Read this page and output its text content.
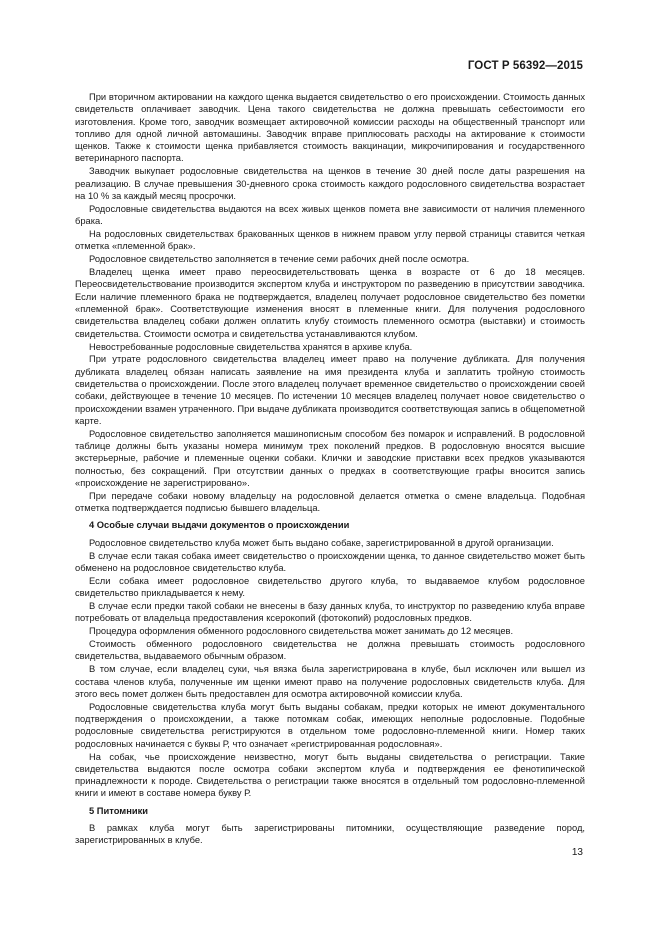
ГОСТ Р 56392—2015

При вторичном актировании на каждого щенка выдается свидетельство о его происхождении. Стоимость данных свидетельств оплачивает заводчик. Цена такого свидетельства не должна превышать себестоимости его изготовления. Кроме того, заводчик возмещает актировочной комиссии расходы на общественный транспорт или топливо для одной личной автомашины. Заводчик вправе приплюсовать расходы на актирование к стоимости щенков. Также к стоимости щенка прибавляется стоимость вакцинации, микрочипирования и государственного ветеринарного паспорта.

Заводчик выкупает родословные свидетельства на щенков в течение 30 дней после даты разрешения на реализацию. В случае превышения 30-дневного срока стоимость каждого родословного свидетельства возрастает на 10 % за каждый месяц просрочки.

Родословные свидетельства выдаются на всех живых щенков помета вне зависимости от наличия племенного брака.

На родословных свидетельствах бракованных щенков в нижнем правом углу первой страницы ставится четкая отметка «племенной брак».

Родословное свидетельство заполняется в течение семи рабочих дней после осмотра.

Владелец щенка имеет право переосвидетельствовать щенка в возрасте от 6 до 18 месяцев. Переосвидетельствование производится экспертом клуба и инструктором по разведению в присутствии заводчика. Если наличие племенного брака не подтверждается, владелец получает родословное свидетельство без пометки «племенной брак». Соответствующие изменения вносят в племенные книги. Для получения родословного свидетельства владелец собаки должен оплатить клубу стоимость племенного осмотра (выставки) и стоимость свидетельства. Стоимости осмотра и свидетельства устанавливаются клубом.

Невостребованные родословные свидетельства хранятся в архиве клуба.

При утрате родословного свидетельства владелец имеет право на получение дубликата. Для получения дубликата владелец обязан написать заявление на имя президента клуба и заплатить тройную стоимость свидетельства о происхождении. После этого владелец получает временное свидетельство о происхождении своей собаки, действующее в течение 10 месяцев. По истечении 10 месяцев владелец получает новое свидетельство о происхождении взамен утраченного. При выдаче дубликата производится соответствующая запись в общепометной карте.

Родословное свидетельство заполняется машинописным способом без помарок и исправлений. В родословной таблице должны быть указаны номера минимум трех поколений предков. В родословную вносятся высшие экстерьерные, рабочие и племенные оценки собаки. Клички и заводские приставки всех предков указываются полностью, без сокращений. При отсутствии данных о предках в соответствующие графы вносится запись «происхождение не зарегистрировано».

При передаче собаки новому владельцу на родословной делается отметка о смене владельца. Подобная отметка подтверждается подписью бывшего владельца.

4 Особые случаи выдачи документов о происхождении

Родословное свидетельство клуба может быть выдано собаке, зарегистрированной в другой организации.

В случае если такая собака имеет свидетельство о происхождении щенка, то данное свидетельство может быть обменено на родословное свидетельство клуба.

Если собака имеет родословное свидетельство другого клуба, то выдаваемое клубом родословное свидетельство прикладывается к нему.

В случае если предки такой собаки не внесены в базу данных клуба, то инструктор по разведению клуба вправе потребовать от владельца предоставления ксерокопий (фотокопий) родословных предков.

Процедура оформления обменного родословного свидетельства может занимать до 12 месяцев.

Стоимость обменного родословного свидетельства не должна превышать стоимость родословного свидетельства, выдаваемого обычным образом.

В том случае, если владелец суки, чья вязка была зарегистрирована в клубе, был исключен или вышел из состава членов клуба, полученные им щенки имеют право на получение родословных свидетельств клуба. Для этого весь помет должен быть предоставлен для осмотра актировочной комиссии клуба.

Родословные свидетельства клуба могут быть выданы собакам, предки которых не имеют документального подтверждения о происхождении, а также потомкам собак, имеющих неполные родословные. Подобные родословные свидетельства регистрируются в отдельном томе родословно-племенной книги. Номер таких родословных начинается с буквы Р, что означает «регистрированная родословная».

На собак, чье происхождение неизвестно, могут быть выданы свидетельства о регистрации. Такие свидетельства выдаются после осмотра собаки экспертом клуба и подтверждения ее фенотипической принадлежности к породе. Свидетельства о регистрации также вносятся в отдельный том родословно-племенной книги и имеют в составе номера букву Р.

5 Питомники

В рамках клуба могут быть зарегистрированы питомники, осуществляющие разведение пород, зарегистрированных в клубе.

13
